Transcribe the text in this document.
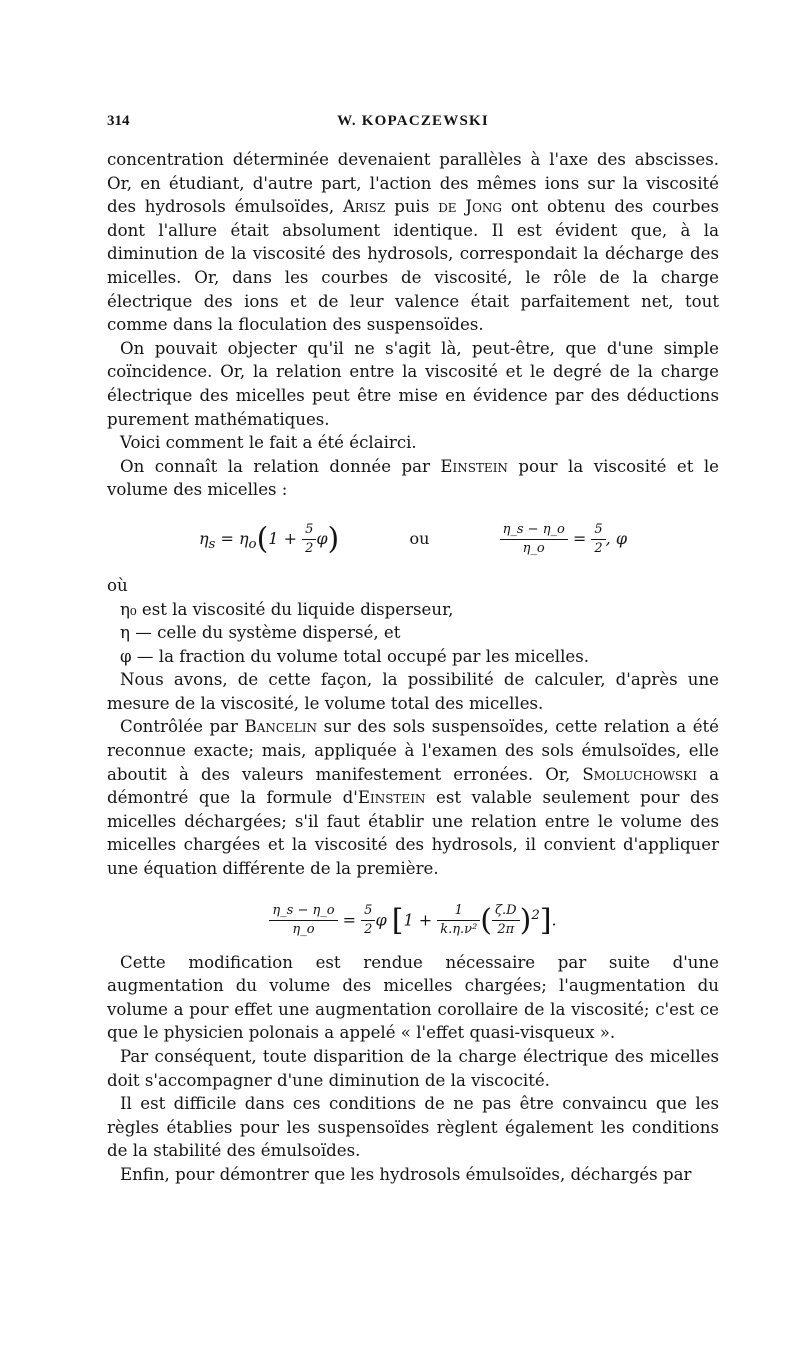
314	W. KOPACZEWSKI

concentration déterminée devenaient parallèles à l'axe des abscisses. Or, en étudiant, d'autre part, l'action des mêmes ions sur la viscosité des hydrosols émulsoïdes, Arisz puis de Jong ont obtenu des courbes dont l'allure était absolument identique. Il est évident que, à la diminution de la viscosité des hydrosols, correspondait la décharge des micelles. Or, dans les courbes de viscosité, le rôle de la charge électrique des ions et de leur valence était parfaitement net, tout comme dans la floculation des suspensoïdes.

On pouvait objecter qu'il ne s'agit là, peut-être, que d'une simple coïncidence. Or, la relation entre la viscosité et le degré de la charge électrique des micelles peut être mise en évidence par des déductions purement mathématiques.

Voici comment le fait a été éclairci.

On connaît la relation donnée par Einstein pour la viscosité et le volume des micelles :

$\eta_s = \eta_o(1 + \frac{5}{2} \varphi)$	ou	$\frac{\eta\_s - \eta\_o}{\eta\_o} = \frac{5}{2}$ , φ

où

η₀ est la viscosité du liquide disperseur,

η — celle du système dispersé, et

φ — la fraction du volume total occupé par les micelles.

Nous avons, de cette façon, la possibilité de calculer, d'après une mesure de la viscosité, le volume total des micelles.

Contrôlée par Bancelin sur des sols suspensoïdes, cette relation a été reconnue exacte; mais, appliquée à l'examen des sols émulsoïdes, elle aboutit à des valeurs manifestement erronées. Or, Smoluchowski a démontré que la formule d'Einstein est valable seulement pour des micelles déchargées; s'il faut établir une relation entre le volume des micelles chargées et la viscosité des hydrosols, il convient d'appliquer une équation différente de la première.

$\frac{\eta\_s - \eta\_o}{\eta\_o} = \frac{5}{2}$ φ [$1 + \frac{1}{\text{k.η.ν²}}$ ( $\frac{\zeta.D}{2\pi} )^2$].

Cette modification est rendue nécessaire par suite d'une augmentation du volume des micelles chargées; l'augmentation du volume a pour effet une augmentation corollaire de la viscosité; c'est ce que le physicien polonais a appelé « l'effet quasi-visqueux ».

Par conséquent, toute disparition de la charge électrique des micelles doit s'accompagner d'une diminution de la viscocité.

Il est difficile dans ces conditions de ne pas être convaincu que les règles établies pour les suspensoïdes règlent également les conditions de la stabilité des émulsoïdes.

Enfin, pour démontrer que les hydrosols émulsoïdes, déchargés par
